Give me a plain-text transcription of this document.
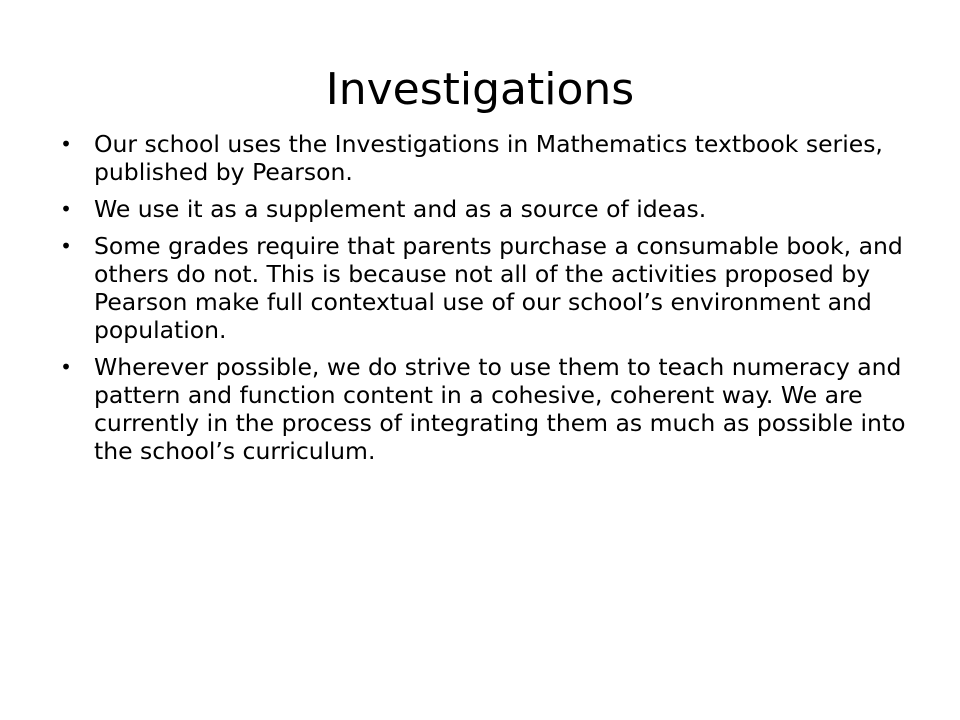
Investigations
• Our school uses the Investigations in Mathematics textbook series, published by Pearson.
• We use it as a supplement and as a source of ideas.
• Some grades require that parents purchase a consumable book, and others do not. This is because not all of the activities proposed by Pearson make full contextual use of our school’s environment and population.
• Wherever possible, we do strive to use them to teach numeracy and pattern and function content in a cohesive, coherent way. We are currently in the process of integrating them as much as possible into the school’s curriculum.
